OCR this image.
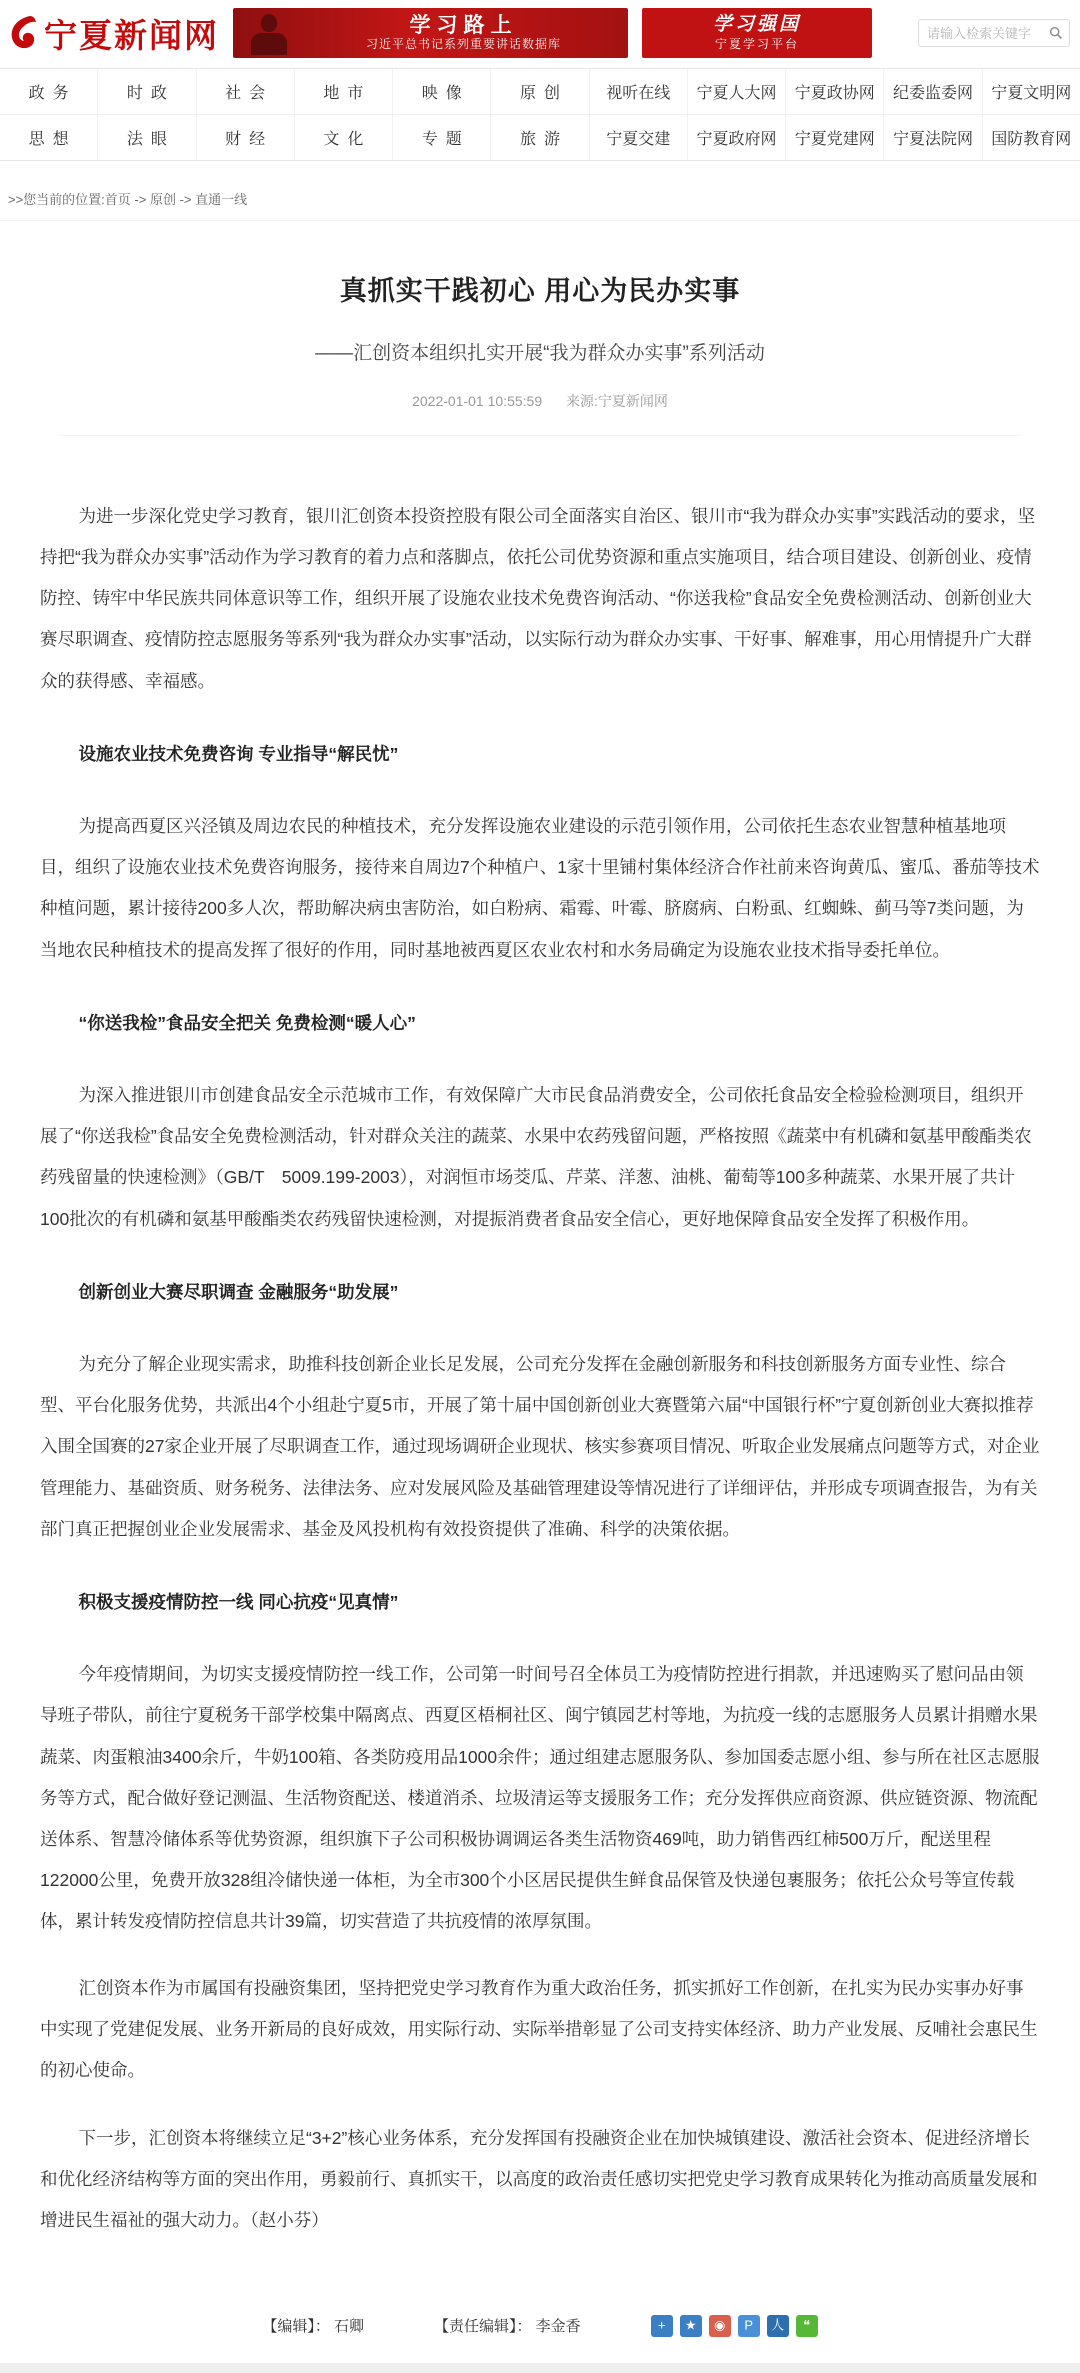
宁夏新闻网	学习路上
习近平总书记系列重要讲话数据库
学习强国
宁夏学习平台
请输入检索关键字
政务	时政	社会	地市	映像	原创	视听在线	宁夏人大网	宁夏政协网	纪委监委网	宁夏文明网
思想	法眼	财经	文化	专题	旅游	宁夏交建	宁夏政府网	宁夏党建网	宁夏法院网	国防教育网
>>您当前的位置:首页 -> 原创 -> 直通一线
真抓实干践初心 用心为民办实事
——汇创资本组织扎实开展“我为群众办实事”系列活动
2022-01-01 10:55:59 来源:宁夏新闻网

为进一步深化党史学习教育，银川汇创资本投资控股有限公司全面落实自治区、银川市“我为群众办实事”实践活动的要求，坚持把“我为群众办实事”活动作为学习教育的着力点和落脚点，依托公司优势资源和重点实施项目，结合项目建设、创新创业、疫情防控、铸牢中华民族共同体意识等工作，组织开展了设施农业技术免费咨询活动、“你送我检”食品安全免费检测活动、创新创业大赛尽职调查、疫情防控志愿服务等系列“我为群众办实事”活动，以实际行动为群众办实事、干好事、解难事，用心用情提升广大群众的获得感、幸福感。

设施农业技术免费咨询 专业指导“解民忧”

为提高西夏区兴泾镇及周边农民的种植技术，充分发挥设施农业建设的示范引领作用，公司依托生态农业智慧种植基地项目，组织了设施农业技术免费咨询服务，接待来自周边7个种植户、1家十里铺村集体经济合作社前来咨询黄瓜、蜜瓜、番茄等技术种植问题，累计接待200多人次，帮助解决病虫害防治，如白粉病、霜霉、叶霉、脐腐病、白粉虱、红蜘蛛、蓟马等7类问题，为当地农民种植技术的提高发挥了很好的作用，同时基地被西夏区农业农村和水务局确定为设施农业技术指导委托单位。

“你送我检”食品安全把关 免费检测“暖人心”

为深入推进银川市创建食品安全示范城市工作，有效保障广大市民食品消费安全，公司依托食品安全检验检测项目，组织开展了“你送我检”食品安全免费检测活动，针对群众关注的蔬菜、水果中农药残留问题，严格按照《蔬菜中有机磷和氨基甲酸酯类农药残留量的快速检测》（GB/T　5009.199-2003），对润恒市场茭瓜、芹菜、洋葱、油桃、葡萄等100多种蔬菜、水果开展了共计100批次的有机磷和氨基甲酸酯类农药残留快速检测，对提振消费者食品安全信心，更好地保障食品安全发挥了积极作用。

创新创业大赛尽职调查 金融服务“助发展”

为充分了解企业现实需求，助推科技创新企业长足发展，公司充分发挥在金融创新服务和科技创新服务方面专业性、综合型、平台化服务优势，共派出4个小组赴宁夏5市，开展了第十届中国创新创业大赛暨第六届“中国银行杯”宁夏创新创业大赛拟推荐入围全国赛的27家企业开展了尽职调查工作，通过现场调研企业现状、核实参赛项目情况、听取企业发展痛点问题等方式，对企业管理能力、基础资质、财务税务、法律法务、应对发展风险及基础管理建设等情况进行了详细评估，并形成专项调查报告，为有关部门真正把握创业企业发展需求、基金及风投机构有效投资提供了准确、科学的决策依据。

积极支援疫情防控一线 同心抗疫“见真情”

今年疫情期间，为切实支援疫情防控一线工作，公司第一时间号召全体员工为疫情防控进行捐款，并迅速购买了慰问品由领导班子带队，前往宁夏税务干部学校集中隔离点、西夏区梧桐社区、闽宁镇园艺村等地，为抗疫一线的志愿服务人员累计捐赠水果蔬菜、肉蛋粮油3400余斤，牛奶100箱、各类防疫用品1000余件；通过组建志愿服务队、参加国委志愿小组、参与所在社区志愿服务等方式，配合做好登记测温、生活物资配送、楼道消杀、垃圾清运等支援服务工作；充分发挥供应商资源、供应链资源、物流配送体系、智慧冷储体系等优势资源，组织旗下子公司积极协调调运各类生活物资469吨，助力销售西红柿500万斤，配送里程122000公里，免费开放328组冷储快递一体柜，为全市300个小区居民提供生鲜食品保管及快递包裹服务；依托公众号等宣传载体，累计转发疫情防控信息共计39篇，切实营造了共抗疫情的浓厚氛围。

汇创资本作为市属国有投融资集团，坚持把党史学习教育作为重大政治任务，抓实抓好工作创新，在扎实为民办实事办好事中实现了党建促发展、业务开新局的良好成效，用实际行动、实际举措彰显了公司支持实体经济、助力产业发展、反哺社会惠民生的初心使命。

下一步，汇创资本将继续立足“3+2”核心业务体系，充分发挥国有投融资企业在加快城镇建设、激活社会资本、促进经济增长和优化经济结构等方面的突出作用，勇毅前行、真抓实干，以高度的政治责任感切实把党史学习教育成果转化为推动高质量发展和增进民生福祉的强大动力。（赵小芬）

【编辑】： 石卿	【责任编辑】： 李金香	+ ★ ◉ P 人 ❝
